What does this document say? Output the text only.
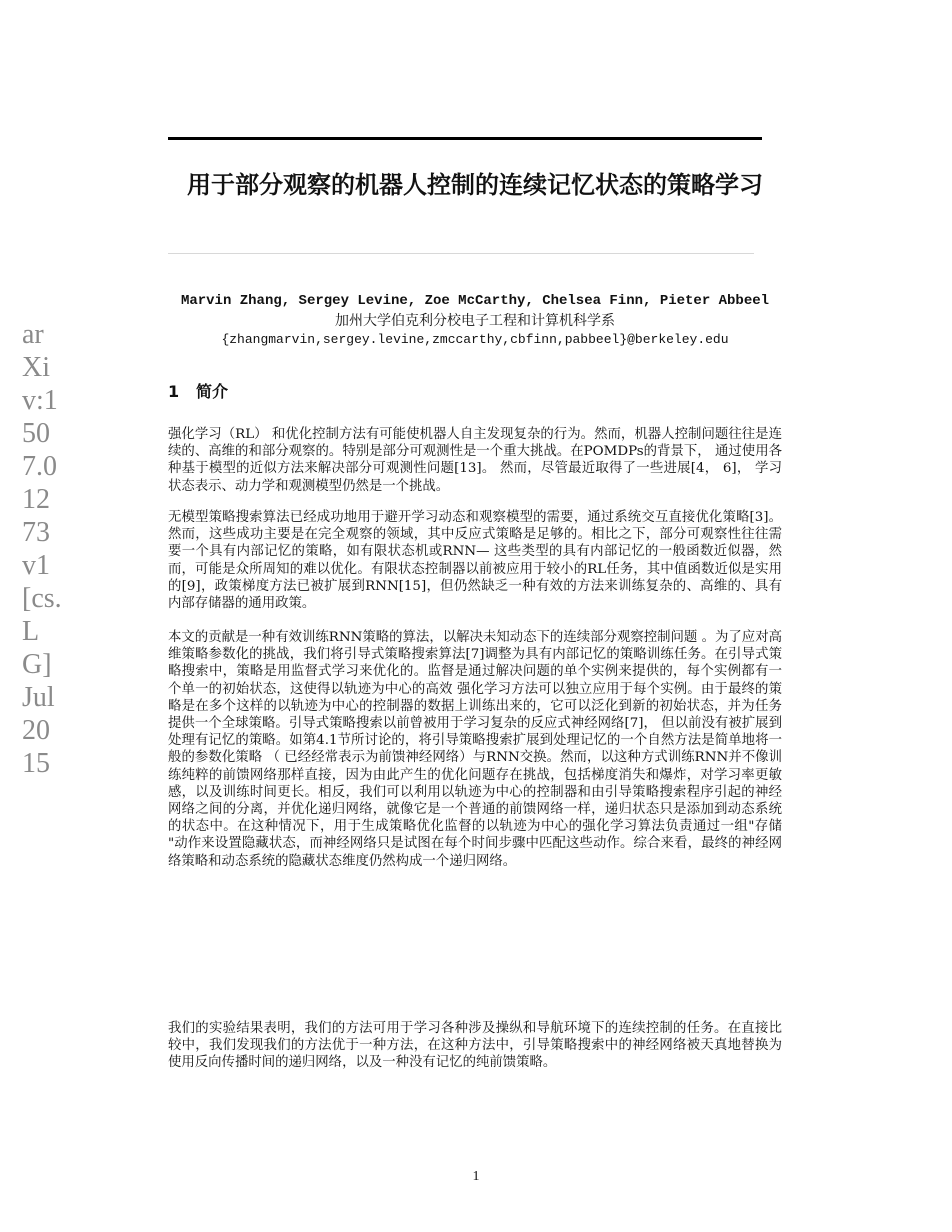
用于部分观察的机器人控制的连续记忆状态的策略学习
Marvin Zhang, Sergey Levine, Zoe McCarthy, Chelsea Finn, Pieter Abbeel
加州大学伯克利分校电子工程和计算机科学系
{zhangmarvin,sergey.levine,zmccarthy,cbfinn,pabbeel}@berkeley.edu
1 简介

强化学习（RL） 和优化控制方法有可能使机器人自主发现复杂的行为。然而，机器人控制问题往往是连续的、高维的和部分观察的。特别是部分可观测性是一个重大挑战。在POMDPs的背景下， 通过使用各种基于模型的近似方法来解决部分可观测性问题[13]。 然而，尽管最近取得了一些进展[4， 6]， 学习状态表示、动力学和观测模型仍然是一个挑战。

无模型策略搜索算法已经成功地用于避开学习动态和观察模型的需要，通过系统交互直接优化策略[3]。然而，这些成功主要是在完全观察的领域，其中反应式策略是足够的。相比之下，部分可观察性往往需要一个具有内部记忆的策略，如有限状态机或RNN— 这些类型的具有内部记忆的一般函数近似器，然而，可能是众所周知的难以优化。有限状态控制器以前被应用于较小的RL任务，其中值函数近似是实用的[9]，政策梯度方法已被扩展到RNN[15]，但仍然缺乏一种有效的方法来训练复杂的、高维的、具有内部存储器的通用政策。

本文的贡献是一种有效训练RNN策略的算法，以解决未知动态下的连续部分观察控制问题 。为了应对高维策略参数化的挑战，我们将引导式策略搜索算法[7]调整为具有内部记忆的策略训练任务。在引导式策略搜索中，策略是用监督式学习来优化的。监督是通过解决问题的单个实例来提供的，每个实例都有一个单一的初始状态，这使得以轨迹为中心的高效 强化学习方法可以独立应用于每个实例。由于最终的策略是在多个这样的以轨迹为中心的控制器的数据上训练出来的，它可以泛化到新的初始状态，并为任务提供一个全球策略。引导式策略搜索以前曾被用于学习复杂的反应式神经网络[7]， 但以前没有被扩展到处理有记忆的策略。如第4.1节所讨论的，将引导策略搜索扩展到处理记忆的一个自然方法是简单地将一般的参数化策略 （ 已经经常表示为前馈神经网络）与RNN交换。然而，以这种方式训练RNN并不像训练纯粹的前馈网络那样直接，因为由此产生的优化问题存在挑战，包括梯度消失和爆炸，对学习率更敏感，以及训练时间更长。相反，我们可以利用以轨迹为中心的控制器和由引导策略搜索程序引起的神经网络之间的分离，并优化递归网络，就像它是一个普通的前馈网络一样，递归状态只是添加到动态系统的状态中。在这种情况下，用于生成策略优化监督的以轨迹为中心的强化学习算法负责通过一组"存储 "动作来设置隐藏状态，而神经网络只是试图在每个时间步骤中匹配这些动作。综合来看，最终的神经网络策略和动态系统的隐藏状态维度仍然构成一个递归网络。

我们的实验结果表明，我们的方法可用于学习各种涉及操纵和导航环境下的连续控制的任务。在直接比较中，我们发现我们的方法优于一种方法，在这种方法中，引导策略搜索中的神经网络被天真地替换为使用反向传播时间的递归网络，以及一种没有记忆的纯前馈策略。

arXiv:1507.01273v1 [cs.LG] Jul 2015
1
